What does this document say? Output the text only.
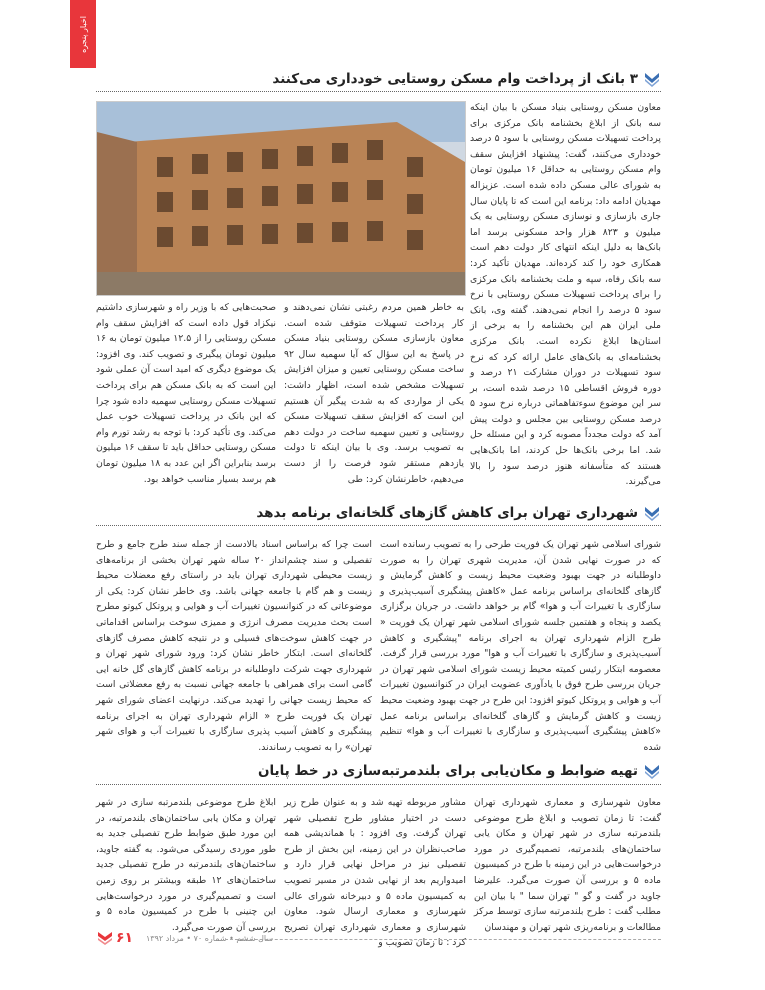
اخبار پنجره
۳ بانک از پرداخت وام مسکن روستایی خودداری می‌کنند
معاون مسکن روستایی بنیاد مسکن با بیان اینکه سه بانک از ابلاغ بخشنامه بانک مرکزی برای پرداخت تسهیلات مسکن روستایی با سود ۵ درصد خودداری می‌کنند، گفت: پیشنهاد افزایش سقف وام مسکن روستایی به حداقل ۱۶ میلیون تومان به شورای عالی مسکن داده شده است. عزیزاله مهدیان ادامه داد: برنامه این است که تا پایان سال جاری بازسازی و نوسازی مسکن روستایی به یک میلیون و ۸۲۳ هزار واحد مسکونی برسد اما بانک‌ها به دلیل اینکه انتهای کار دولت دهم است همکاری خود را کند کرده‌اند. مهدیان تأکید کرد: سه بانک رفاه، سپه و ملت بخشنامه بانک مرکزی را برای پرداخت تسهیلات مسکن روستایی با نرخ سود ۵ درصد را انجام نمی‌دهند. گفته وی، بانک ملی ایران هم این بخشنامه را به برخی از استان‌ها ابلاغ نکرده است. بانک مرکزی بخشنامه‌ای به بانک‌های عامل ارائه کرد که نرخ سود تسهیلات در دوران مشارکت ۲۱ درصد و دوره فروش اقساطی ۱۵ درصد شده است، بر سر این موضوع سوء‌تفاهماتی درباره نرخ سود ۵ درصد مسکن روستایی بین مجلس و دولت پیش آمد که دولت مجدداً مصوبه کرد و این مسئله حل شد. اما برخی بانک‌ها حل کردند، اما بانک‌هایی هستند که متأسفانه هنوز درصد سود را بالا می‌گیرند.
به خاطر همین مردم رغبتی نشان نمی‌دهند و کار پرداخت تسهیلات متوقف شده است. معاون بازسازی مسکن روستایی بنیاد مسکن در پاسخ به این سؤال که آیا سهمیه سال ۹۲ ساخت مسکن روستایی تعیین و میزان افزایش تسهیلات مشخص شده است، اظهار داشت: یکی از مواردی که به شدت پیگیر آن هستیم این است که افزایش سقف تسهیلات مسکن روستایی و تعیین سهمیه ساخت در دولت دهم به تصویب برسد. وی با بیان اینکه تا دولت یازدهم مستقر شود فرصت را از دست می‌دهیم، خاطرنشان کرد: طی
صحبت‌هایی که با وزیر راه و شهرسازی داشتیم نیکزاد قول داده است که افزایش سقف وام مسکن روستایی را از ۱۲.۵ میلیون تومان به ۱۶ میلیون تومان پیگیری و تصویب کند. وی افزود: یک موضوع دیگری که امید است آن عملی شود این است که به بانک مسکن هم برای پرداخت تسهیلات مسکن روستایی سهمیه داده شود چرا که این بانک در پرداخت تسهیلات خوب عمل می‌کند. وی تأکید کرد: با توجه به رشد تورم وام مسکن روستایی حداقل باید تا سقف ۱۶ میلیون برسد بنابراین اگر این عدد به ۱۸ میلیون تومان هم برسد بسیار مناسب خواهد بود.
شهرداری تهران برای کاهش گازهای گلخانه‌ای برنامه بدهد
شورای اسلامی شهر تهران یک فوریت طرحی را به تصویب رسانده است که در صورت نهایی شدن آن، مدیریت شهری تهران را به صورت داوطلبانه در جهت بهبود وضعیت محیط زیست و کاهش گرمایش و گازهای گلخانه‌ای براساس برنامه عمل «کاهش پیشگیری آسیب‌پذیری و سازگاری با تغییرات آب و هوا» گام بر خواهد داشت. در جریان برگزاری یکصد و پنجاه و هفتمین جلسه شورای اسلامی شهر تهران یک فوریت « طرح الزام شهرداری تهران به اجرای برنامه "پیشگیری و کاهش آسیب‌پذیری و سازگاری با تغییرات آب و هوا" مورد بررسی قرار گرفت. معصومه ابتکار رئیس کمیته محیط زیست شورای اسلامی شهر تهران در جریان بررسی طرح فوق با یادآوری عضویت ایران در کنوانسیون تغییرات آب و هوایی و پروتکل کیوتو افزود: این طرح در جهت بهبود وضعیت محیط زیست و کاهش گرمایش و گازهای گلخانه‌ای براساس برنامه عمل «کاهش پیشگیری آسیب‌پذیری و سازگاری با تغییرات آب و هوا» تنظیم شده
است چرا که براساس اسناد بالادست از جمله سند طرح جامع و طرح تفصیلی و سند چشم‌انداز ۲۰ ساله شهر تهران بخشی از برنامه‌های زیست محیطی شهرداری تهران باید در راستای رفع معضلات محیط زیست و هم گام با جامعه جهانی باشد. وی خاطر نشان کرد: یکی از موضوعاتی که در کنوانسیون تغییرات آب و هوایی و پروتکل کیوتو مطرح است بحث مدیریت مصرف انرژی و ممیزی سوخت براساس اقداماتی در جهت کاهش سوخت‌های فسیلی و در نتیجه کاهش مصرف گازهای گلخانه‌ای است. ابتکار خاطر نشان کرد: ورود شورای شهر تهران و شهرداری جهت شرکت داوطلبانه در برنامه کاهش گازهای گل خانه ایی گامی است برای همراهی با جامعه جهانی نسبت به رفع معضلاتی است که محیط زیست جهانی را تهدید می‌کند. درنهایت اعضای شورای شهر تهران یک فوریت طرح « الزام شهرداری تهران به اجرای برنامه پیشگیری و کاهش آسیب پذیری سازگاری با تغییرات آب و هوای شهر تهران» را به تصویب رساندند.
تهیه ضوابط و مکان‌یابی برای بلندمرتبه‌سازی در خط پایان
معاون شهرسازی و معماری شهرداری تهران گفت: تا زمان تصویب و ابلاغ طرح موضوعی بلندمرتبه سازی در شهر تهران و مکان یابی ساختمان‌های بلندمرتبه، تصمیم‌گیری در مورد درخواست‌هایی در این زمینه با طرح در کمیسیون ماده ۵ و بررسی آن صورت می‌گیرد. علیرضا جاوید در گفت و گو " تهران سما " با بیان این مطلب گفت : طرح بلندمرتبه سازی توسط مرکز مطالعات و برنامه‌ریزی شهر تهران و مهندسان
مشاور مربوطه تهیه شد و به عنوان طرح زیر دست در اختیار مشاور طرح تفصیلی شهر تهران گرفت. وی افزود : با هماندیشی همه صاحب‌نظران در این زمینه، این بخش از طرح تفصیلی نیز در مراحل نهایی قرار دارد و امیدواریم بعد از نهایی شدن در مسیر تصویب به کمیسیون ماده ۵ و دبیرخانه شورای عالی شهرسازی و معماری ارسال شود. معاون شهرسازی و معماری شهرداری تهران تصریح کرد : تا زمان تصویب و
ابلاغ طرح موضوعی بلندمرتبه سازی در شهر تهران و مکان یابی ساختمان‌های بلندمرتبه، در این مورد طبق ضوابط طرح تفصیلی جدید به طور موردی رسیدگی می‌شود. به گفته جاوید، ساختمان‌های بلندمرتبه در طرح تفصیلی جدید ساختمان‌های ۱۲ طبقه وبیشتر بر روی زمین است و تصمیم‌گیری در مورد درخواست‌هایی این چنینی با طرح در کمیسیون ماده ۵ و بررسی آن صورت می‌گیرد.
۶۱ سال ششم • شماره ۷۰ • مرداد ۱۳۹۲
